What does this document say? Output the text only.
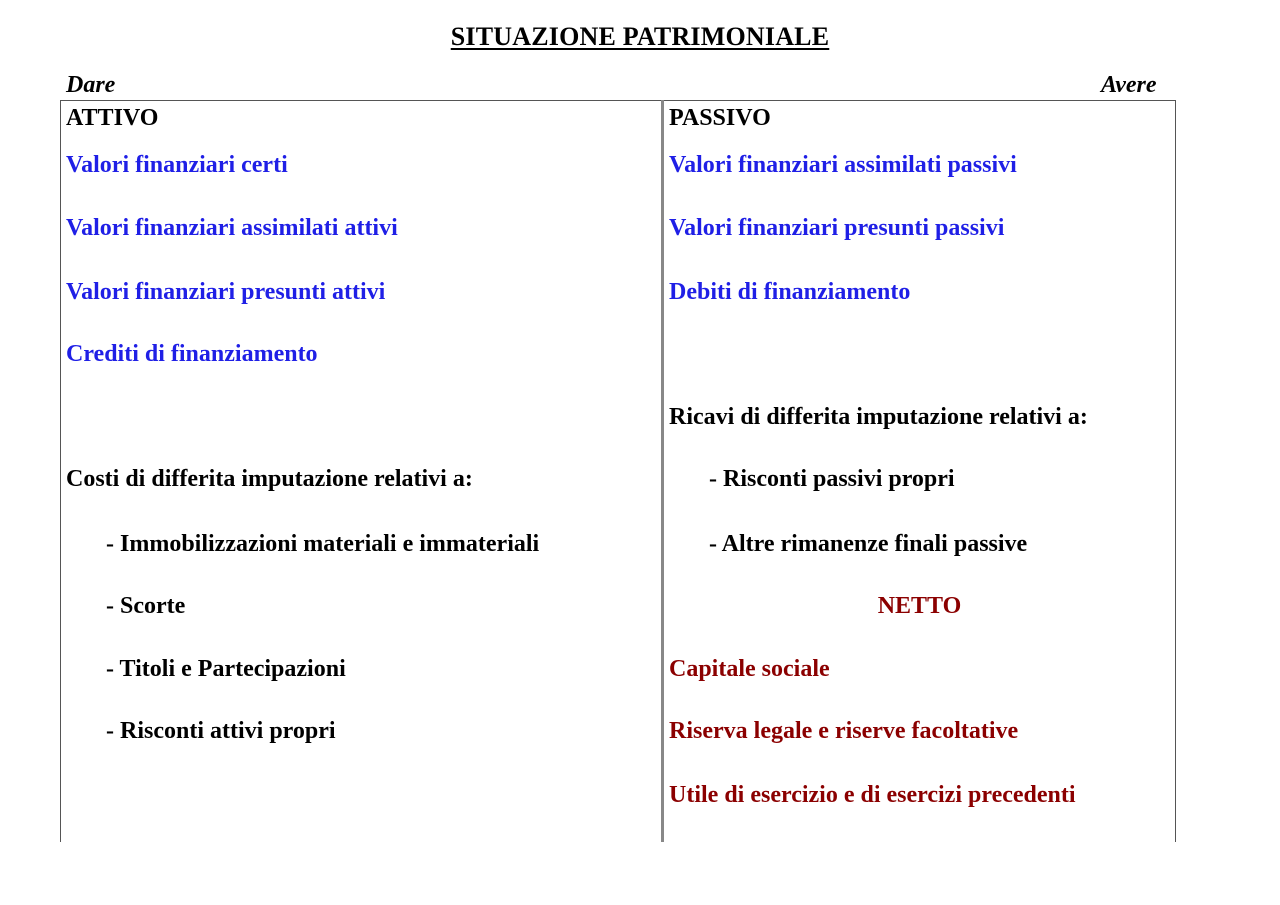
SITUAZIONE PATRIMONIALE
Dare	Avere
ATTIVO
Valori finanziari certi
Valori finanziari assimilati attivi
Valori finanziari presunti attivi
Crediti di finanziamento
Costi di differita imputazione relativi a:
- Immobilizzazioni materiali e immateriali
- Scorte
- Titoli e Partecipazioni
- Risconti attivi propri
PASSIVO
Valori finanziari assimilati passivi
Valori finanziari presunti passivi
Debiti di finanziamento
Ricavi di differita imputazione relativi a:
- Risconti passivi propri
- Altre rimanenze finali passive
NETTO
Capitale sociale
Riserva legale e riserve facoltative
Utile di esercizio e di esercizi precedenti
